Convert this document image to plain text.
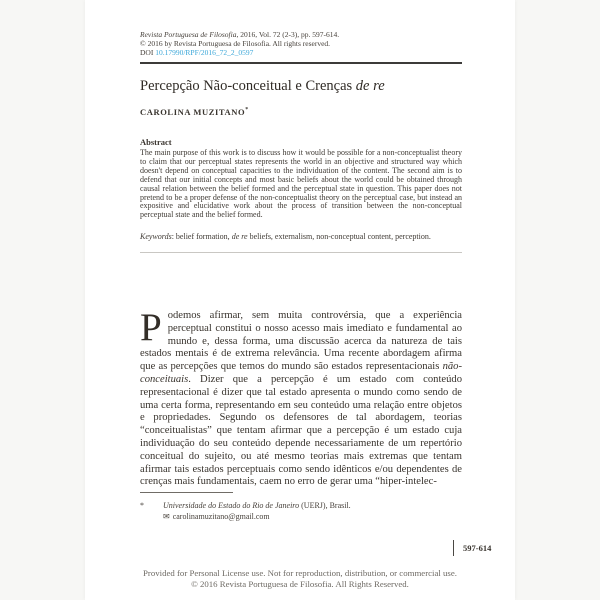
Revista Portuguesa de Filosofia, 2016, Vol. 72 (2-3), pp. 597-614.
© 2016 by Revista Portuguesa de Filosofia. All rights reserved.
DOI 10.17990/RPF/2016_72_2_0597
Percepção Não-conceitual e Crenças de re
CAROLINA MUZITANO*
Abstract
The main purpose of this work is to discuss how it would be possible for a non-conceptualist theory to claim that our perceptual states represents the world in an objective and structured way which doesn't depend on conceptual capacities to the individuation of the content. The second aim is to defend that our initial concepts and most basic beliefs about the world could be obtained through causal relation between the belief formed and the perceptual state in question. This paper does not pretend to be a proper defense of the non-conceptualist theory on the perceptual case, but instead an expositive and elucidative work about the process of transition between the non-conceptual perceptual state and the belief formed.
Keywords: belief formation, de re beliefs, externalism, non-conceptual content, perception.
Podemos afirmar, sem muita controvérsia, que a experiência perceptual constitui o nosso acesso mais imediato e fundamental ao mundo e, dessa forma, uma discussão acerca da natureza de tais estados mentais é de extrema relevância. Uma recente abordagem afirma que as percepções que temos do mundo são estados representacionais não-conceituais. Dizer que a percepção é um estado com conteúdo representacional é dizer que tal estado apresenta o mundo como sendo de uma certa forma, representando em seu conteúdo uma relação entre objetos e propriedades. Segundo os defensores de tal abordagem, teorias “conceitualistas” que tentam afirmar que a percepção é um estado cuja individuação do seu conteúdo depende necessariamente de um repertório conceitual do sujeito, ou até mesmo teorias mais extremas que tentam afirmar tais estados perceptuais como sendo idênticos e/ou dependentes de crenças mais fundamentais, caem no erro de gerar uma “hiper-intelec-
*	Universidade do Estado do Rio de Janeiro (UERJ), Brasil.
✉ carolinamuzitano@gmail.com
597-614
Provided for Personal License use. Not for reproduction, distribution, or commercial use.
© 2016 Revista Portuguesa de Filosofia. All Rights Reserved.
